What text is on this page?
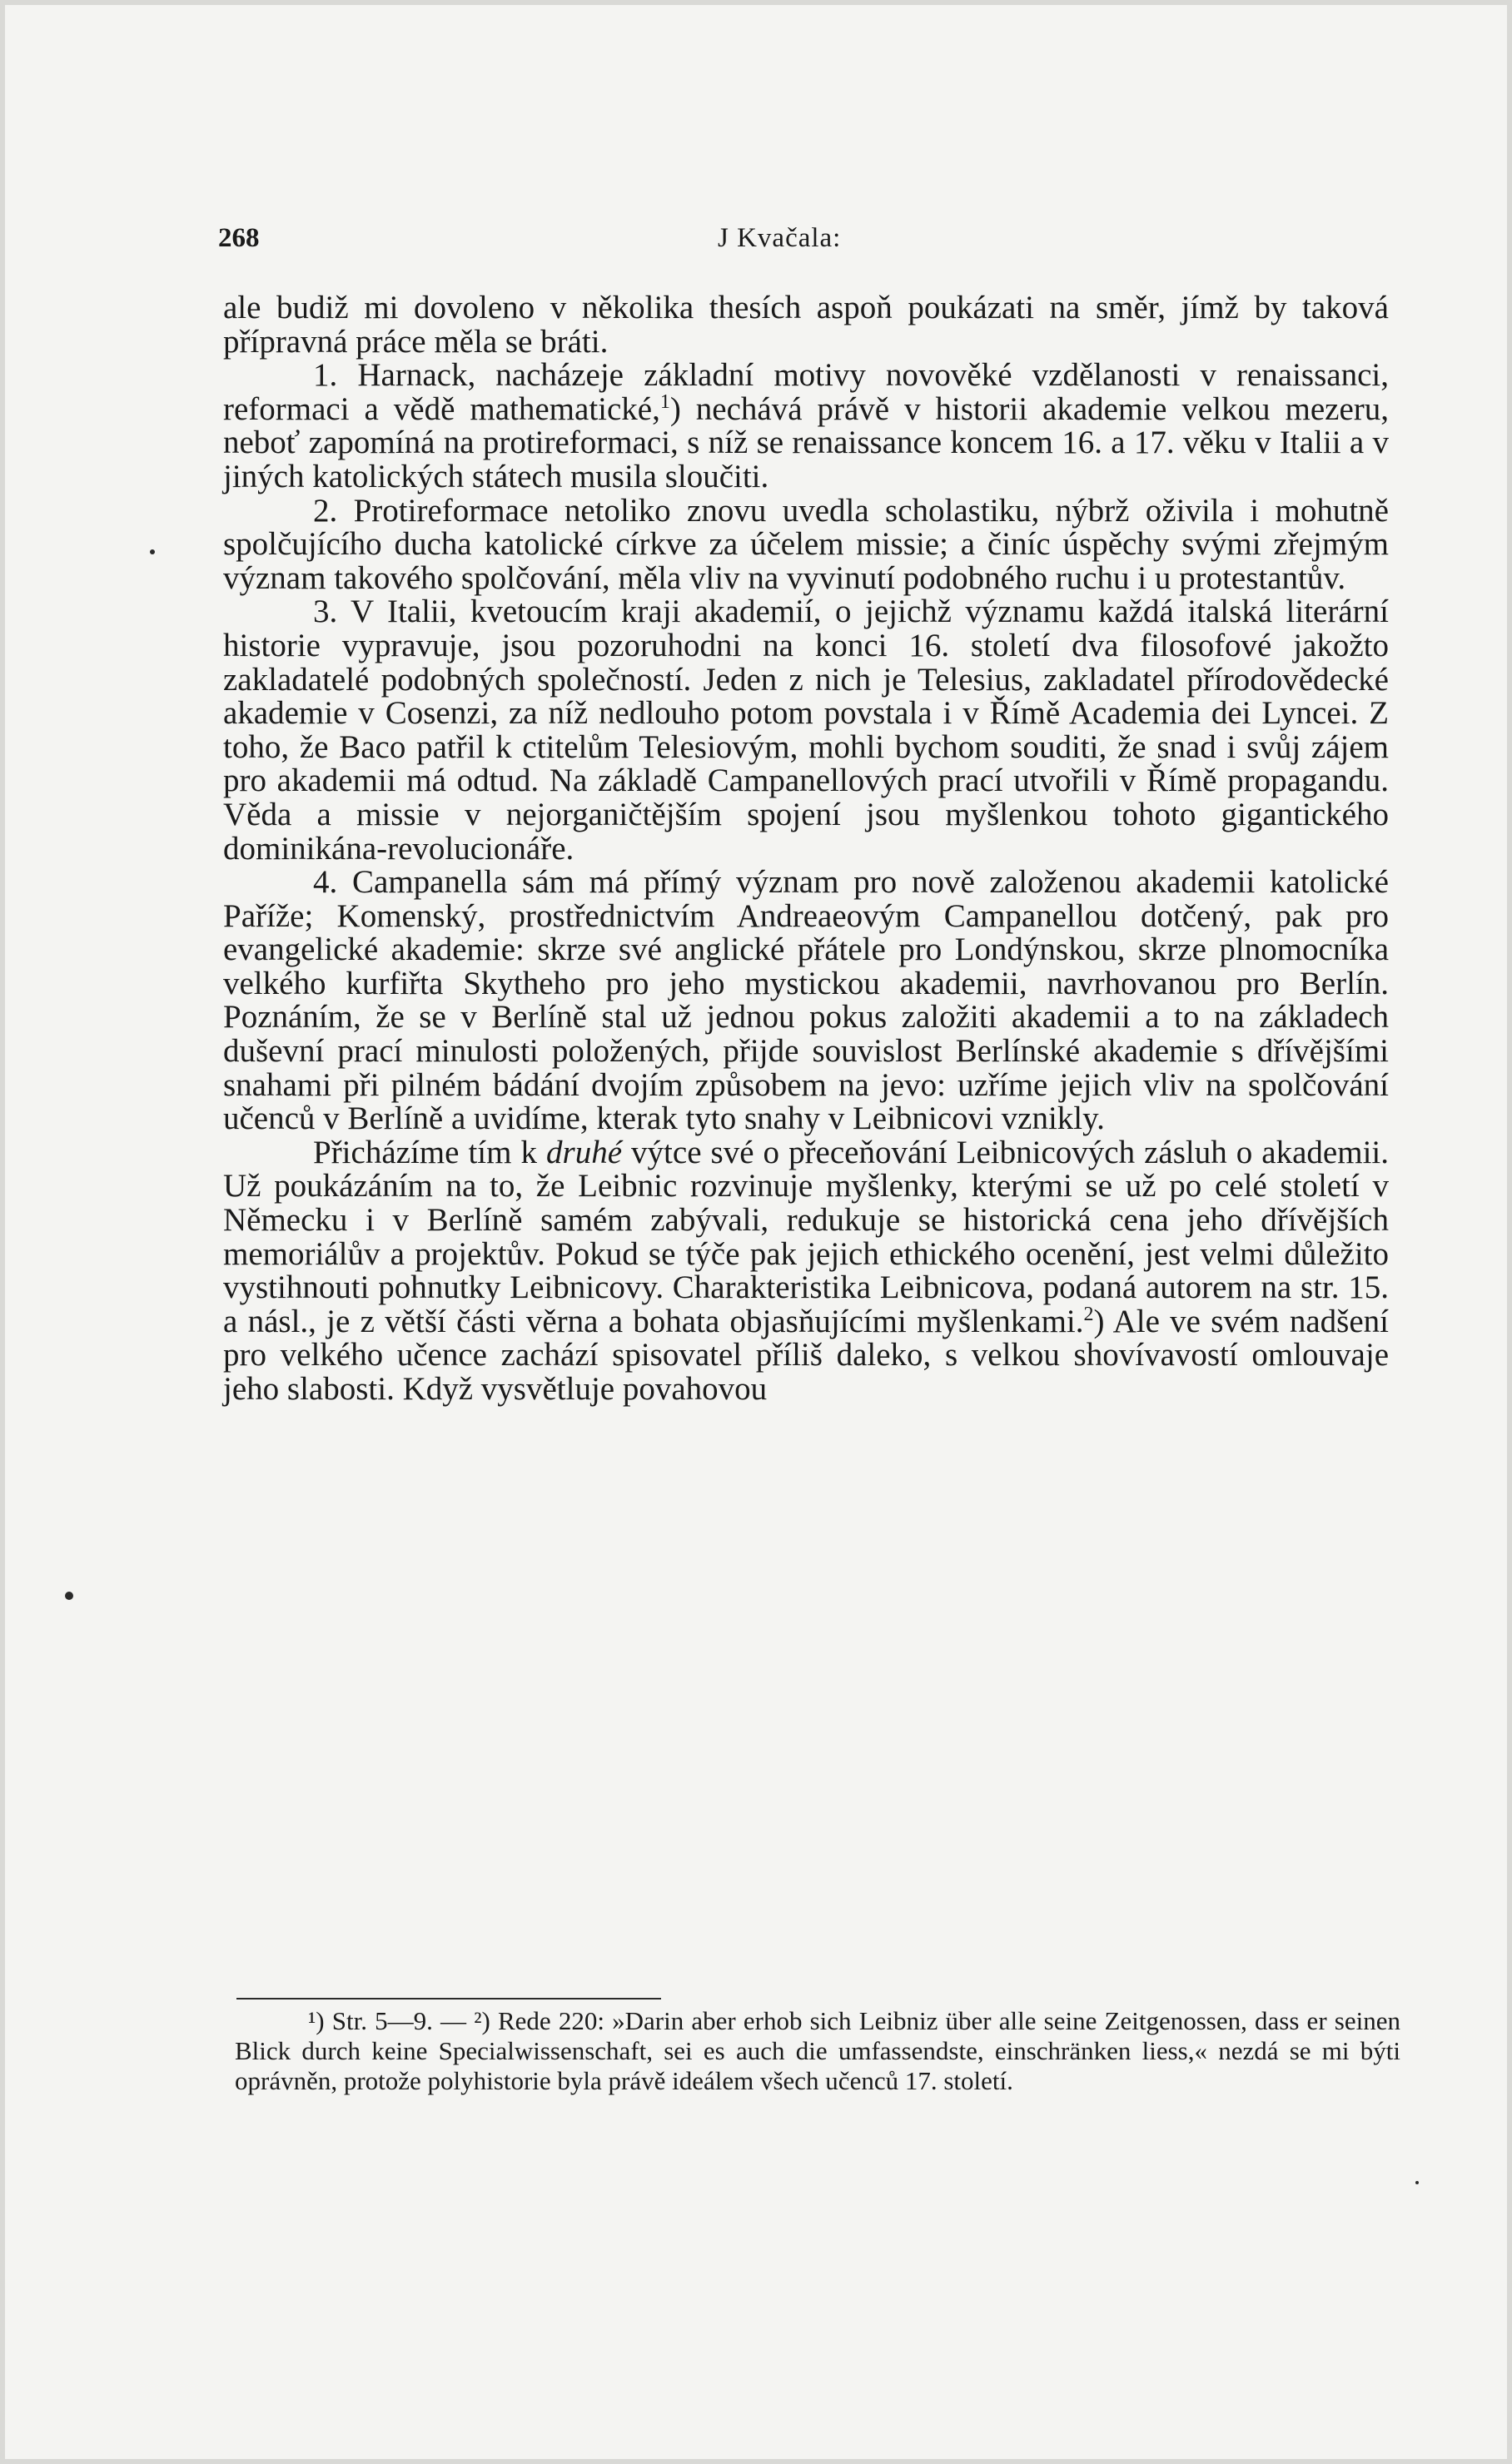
268	J Kvačala:

ale budiž mi dovoleno v několika thesích aspoň poukázati na směr, jímž by taková přípravná práce měla se bráti.

1. Harnack, nacházeje základní motivy novověké vzdělanosti v renaissanci, reformaci a vědě mathematické,$^1$) nechává právě v historii akademie velkou mezeru, neboť zapomíná na protireformaci, s níž se renaissance koncem 16. a 17. věku v Italii a v jiných katolických státech musila sloučiti.

2. Protireformace netoliko znovu uvedla scholastiku, nýbrž oživila i mohutně spolčujícího ducha katolické církve za účelem missie; a činíc úspěchy svými zřejmým význam takového spolčování, měla vliv na vyvinutí podobného ruchu i u protestantův.

3. V Italii, kvetoucím kraji akademií, o jejichž významu každá italská literární historie vypravuje, jsou pozoruhodni na konci 16. století dva filosofové jakožto zakladatelé podobných společností. Jeden z nich je Telesius, zakladatel přírodovědecké akademie v Cosenzi, za níž nedlouho potom povstala i v Římě Academia dei Lyncei. Z toho, že Baco patřil k ctitelům Telesiovým, mohli bychom souditi, že snad i svůj zájem pro akademii má odtud. Na základě Campanellových prací utvořili v Římě propagandu. Věda a missie v nejorganičtějším spojení jsou myšlenkou tohoto gigantického dominikána-revolucionáře.

4. Campanella sám má přímý význam pro nově založenou akademii katolické Paříže; Komenský, prostřednictvím Andreaeovým Campanellou dotčený, pak pro evangelické akademie: skrze své anglické přátele pro Londýnskou, skrze plnomocníka velkého kurfiřta Skytheho pro jeho mystickou akademii, navrhovanou pro Berlín. Poznáním, že se v Berlíně stal už jednou pokus založiti akademii a to na základech duševní prací minulosti položených, přijde souvislost Berlínské akademie s dřívějšími snahami při pilném bádání dvojím způsobem na jevo: uzříme jejich vliv na spolčování učenců v Berlíně a uvidíme, kterak tyto snahy v Leibnicovi vznikly.

Přicházíme tím k druhé výtce své o přeceňování Leibnicových zásluh o akademii. Už poukázáním na to, že Leibnic rozvinuje myšlenky, kterými se už po celé století v Německu i v Berlíně samém zabývali, redukuje se historická cena jeho dřívějších memoriálův a projektův. Pokud se týče pak jejich ethického ocenění, jest velmi důležito vystihnouti pohnutky Leibnicovy. Charakteristika Leibnicova, podaná autorem na str. 15. a násl., je z větší části věrna a bohata objasňujícími myšlenkami.$^2$) Ale ve svém nadšení pro velkého učence zachází spisovatel příliš daleko, s velkou shovívavostí omlouvaje jeho slabosti. Když vysvětluje povahovou

¹) Str. 5—9. — ²) Rede 220: »Darin aber erhob sich Leibniz über alle seine Zeitgenossen, dass er seinen Blick durch keine Specialwissenschaft, sei es auch die umfassendste, einschränken liess,« nezdá se mi býti oprávněn, protože polyhistorie byla právě ideálem všech učenců 17. století.
